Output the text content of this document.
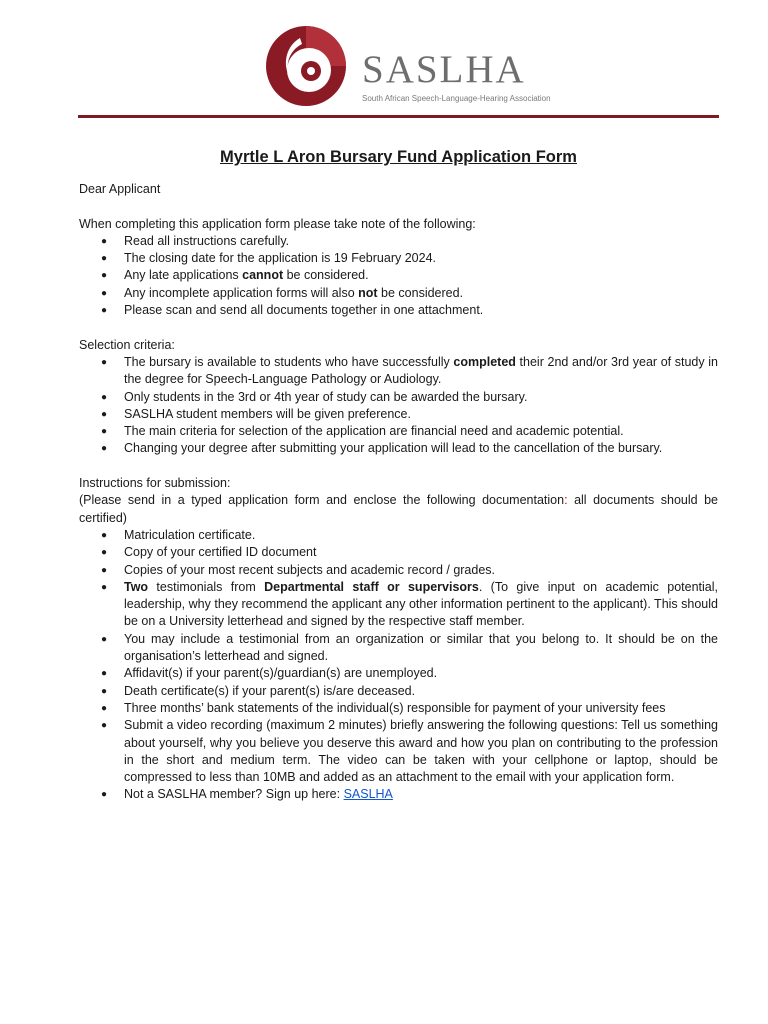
SASLHA
South African Speech-Language-Hearing Association
Myrtle L Aron Bursary Fund Application Form

Dear Applicant

When completing this application form please take note of the following:

● Read all instructions carefully.
● The closing date for the application is 19 February 2024.
● Any late applications cannot be considered.
● Any incomplete application forms will also not be considered.
● Please scan and send all documents together in one attachment.

Selection criteria:

● The bursary is available to students who have successfully completed their 2nd and/or 3rd year of study in the degree for Speech-Language Pathology or Audiology.
● Only students in the 3rd or 4th year of study can be awarded the bursary.
● SASLHA student members will be given preference.
● The main criteria for selection of the application are financial need and academic potential.
● Changing your degree after submitting your application will lead to the cancellation of the bursary.

Instructions for submission:

(Please send in a typed application form and enclose the following documentation: all documents should be certified)

● Matriculation certificate.
● Copy of your certified ID document
● Copies of your most recent subjects and academic record / grades.
● Two testimonials from Departmental staff or supervisors. (To give input on academic potential, leadership, why they recommend the applicant any other information pertinent to the applicant). This should be on a University letterhead and signed by the respective staff member.
● You may include a testimonial from an organization or similar that you belong to. It should be on the organisation’s letterhead and signed.
● Affidavit(s) if your parent(s)/guardian(s) are unemployed.
● Death certificate(s) if your parent(s) is/are deceased.
● Three months’ bank statements of the individual(s) responsible for payment of your university fees
● Submit a video recording (maximum 2 minutes) briefly answering the following questions: Tell us something about yourself, why you believe you deserve this award and how you plan on contributing to the profession in the short and medium term. The video can be taken with your cellphone or laptop, should be compressed to less than 10MB and added as an attachment to the email with your application form.
● Not a SASLHA member? Sign up here: SASLHA
